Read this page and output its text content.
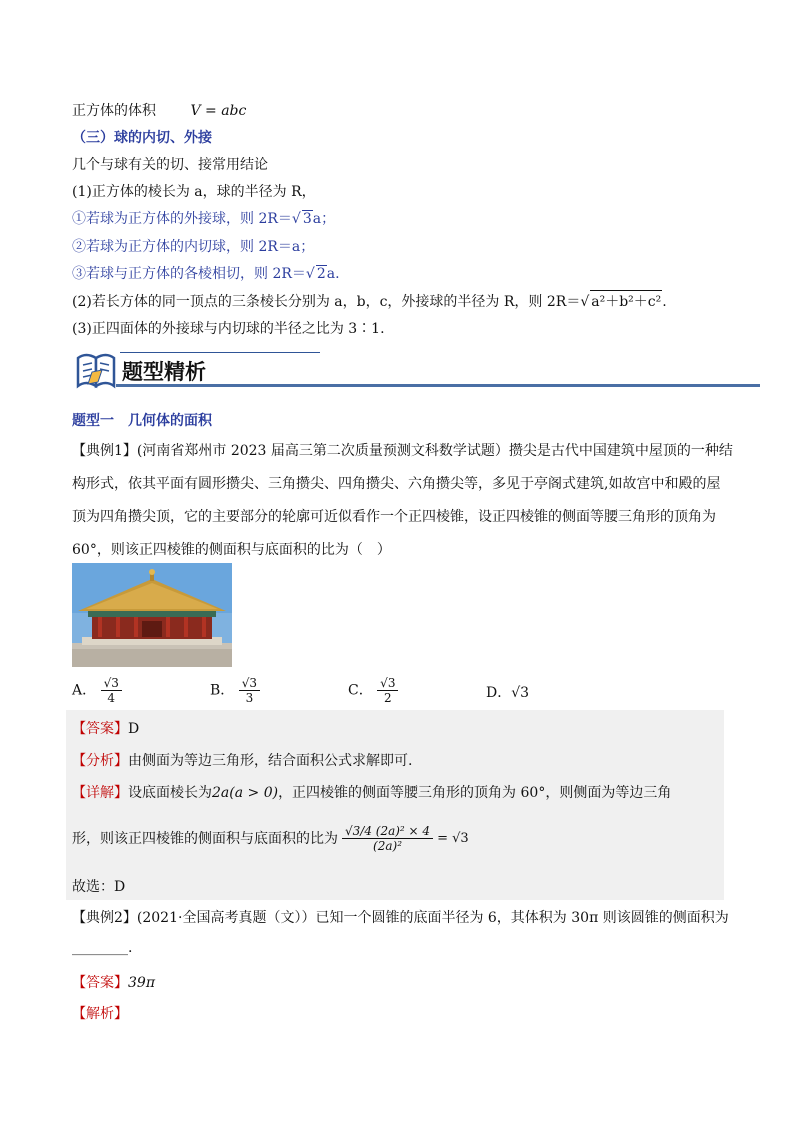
正方体的体积 V = abc
（三）球的内切、外接
几个与球有关的切、接常用结论
(1)正方体的棱长为 a，球的半径为 R，
①若球为正方体的外接球，则 2R＝√ 3a；
②若球为正方体的内切球，则 2R＝a；
③若球与正方体的各棱相切，则 2R＝√ 2a.
(2)若长方体的同一顶点的三条棱长分别为 a，b，c，外接球的半径为 R，则 2R＝√ a²＋b²＋c².
(3)正四面体的外接球与内切球的半径之比为 3∶1.
题型精析
题型一　几何体的面积
【典例1】(河南省郑州市 2023 届高三第二次质量预测文科数学试题）攒尖是古代中国建筑中屋顶的一种结
构形式，依其平面有圆形攒尖、三角攒尖、四角攒尖、六角攒尖等，多见于亭阁式建筑,如故宫中和殿的屋
顶为四角攒尖顶，它的主要部分的轮廓可近似看作一个正四棱锥，设正四棱锥的侧面等腰三角形的顶角为
60°，则该正四棱锥的侧面积与底面积的比为（　）
A． $\frac{√3}{4}$	B． $\frac{√3}{3}$	C． $\frac{√3}{2}$	D．√3
【答案】D
【分析】由侧面为等边三角形，结合面积公式求解即可.
【详解】设底面棱长为2a(a > 0)，正四棱锥的侧面等腰三角形的顶角为 60°，则侧面为等边三角
形，则该正四棱锥的侧面积与底面积的比为 $\frac{\text{√3/4 (2a)² × 4}}{\text{(2a)²}} = √3$
故选：D
【典例2】(2021·全国高考真题（文））已知一个圆锥的底面半径为 6，其体积为 30π 则该圆锥的侧面积为
________.
【答案】39π
【解析】
